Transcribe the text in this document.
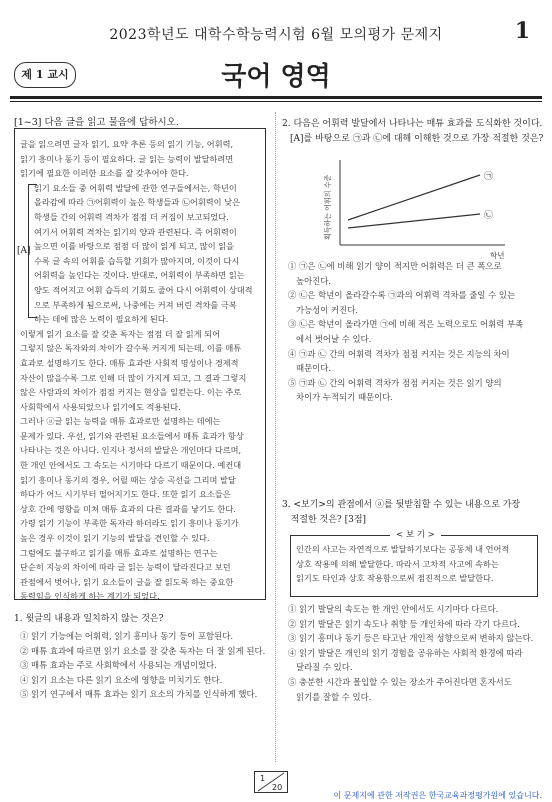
2023학년도 대학수학능력시험 6월 모의평가 문제지	1
제 1 교시	국어 영역
[1~3] 다음 글을 읽고 물음에 답하시오.
[A]
글을 읽으려면 글자 읽기, 요약 추론 등의 읽기 기능, 어휘력,
읽기 흥미나 동기 등이 필요하다. 글 읽는 능력이 발달하려면
읽기에 필요한 이러한 요소를 잘 갖추어야 한다.
읽기 요소들 중 어휘력 발달에 관한 연구들에서는, 학년이
올라감에 따라 ㉠어휘력이 높은 학생들과 ㉡어휘력이 낮은
학생들 간의 어휘력 격차가 점점 더 커짐이 보고되었다.
여기서 어휘력 격차는 읽기의 양과 관련된다. 즉 어휘력이
높으면 이를 바탕으로 점점 더 많이 읽게 되고, 많이 읽을
수록 글 속의 어휘를 습득할 기회가 많아지며, 이것이 다시
어휘력을 높인다는 것이다. 반대로, 어휘력이 부족하면 읽는
양도 적어지고 어휘 습득의 기회도 줄어 다시 어휘력이 상대적
으로 부족하게 됨으로써, 나중에는 커져 버린 격차를 극복
하는 데에 많은 노력이 필요하게 된다.
이렇게 읽기 요소를 잘 갖춘 독자는 점점 더 잘 읽게 되어
그렇지 않은 독자와의 차이가 갈수록 커지게 되는데, 이를 매튜
효과로 설명하기도 한다. 매튜 효과란 사회적 명성이나 경제적
자산이 많을수록 그로 인해 더 많이 가지게 되고, 그 결과 그렇지
않은 사람과의 차이가 점점 커지는 현상을 일컫는다. 이는 주로
사회학에서 사용되었으나 읽기에도 적용된다.
그러나 ⓐ글 읽는 능력을 매튜 효과로만 설명하는 데에는
문제가 있다. 우선, 읽기와 관련된 요소들에서 매튜 효과가 항상
나타나는 것은 아니다. 인지나 정서의 발달은 개인마다 다르며,
한 개인 안에서도 그 속도는 시기마다 다르기 때문이다. 예컨대
읽기 흥미나 동기의 경우, 어릴 때는 상승 곡선을 그리며 발달
하다가 어느 시기부터 떨어지기도 한다. 또한 읽기 요소들은
상호 간에 영향을 미쳐 매튜 효과의 다른 결과를 낳기도 한다.
가령 읽기 기능이 부족한 독자라 하더라도 읽기 흥미나 동기가
높은 경우 이것이 읽기 기능의 발달을 견인할 수 있다.
그럼에도 불구하고 읽기를 매튜 효과로 설명하는 연구는
단순히 지능의 차이에 따라 글 읽는 능력이 달라진다고 보던
관점에서 벗어나, 읽기 요소들이 글을 잘 읽도록 하는 중요한
동력임을 인식하게 하는 계기가 되었다.
1. 윗글의 내용과 일치하지 않는 것은?
① 읽기 기능에는 어휘력, 읽기 흥미나 동기 등이 포함된다.
② 매튜 효과에 따르면 읽기 요소를 잘 갖춘 독자는 더 잘 읽게 된다.
③ 매튜 효과는 주로 사회학에서 사용되는 개념이었다.
④ 읽기 요소는 다른 읽기 요소에 영향을 미치기도 한다.
⑤ 읽기 연구에서 매튜 효과는 읽기 요소의 가치를 인식하게 했다.
2. 다음은 어휘력 발달에서 나타나는 매튜 효과를 도식화한 것이다.
[A]를 바탕으로 ㉠과 ㉡에 대해 이해한 것으로 가장 적절한 것은?
㉠
㉡
학년
획득하는 어휘의 수준
① ㉠은 ㉡에 비해 읽기 양이 적지만 어휘력은 더 큰 폭으로
높아진다.
② ㉡은 학년이 올라갈수록 ㉠과의 어휘력 격차를 줄일 수 있는
가능성이 커진다.
③ ㉡은 학년이 올라가면 ㉠에 비해 적은 노력으로도 어휘력 부족
에서 벗어날 수 있다.
④ ㉠과 ㉡ 간의 어휘력 격차가 점점 커지는 것은 지능의 차이
때문이다.
⑤ ㉠과 ㉡ 간의 어휘력 격차가 점점 커지는 것은 읽기 양의
차이가 누적되기 때문이다.
3. <보기>의 관점에서 ⓐ를 뒷받침할 수 있는 내용으로 가장
적절한 것은? [3점]
< 보 기 >
인간의 사고는 자연적으로 발달하기보다는 공동체 내 언어적
상호 작용에 의해 발달한다. 따라서 고차적 사고에 속하는
읽기도 타인과 상호 작용함으로써 점진적으로 발달한다.
① 읽기 발달의 속도는 한 개인 안에서도 시기마다 다르다.
② 읽기 발달은 읽기 속도나 취향 등 개인차에 따라 각기 다르다.
③ 읽기 흥미나 동기 등은 타고난 개인적 성향으로써 변하지 않는다.
④ 읽기 발달은 개인의 읽기 경험을 공유하는 사회적 환경에 따라
달라질 수 있다.
⑤ 충분한 시간과 몰입할 수 있는 장소가 주어진다면 혼자서도
읽기를 잘할 수 있다.
1
20
이 문제지에 관한 저작권은 한국교육과정평가원에 있습니다.
